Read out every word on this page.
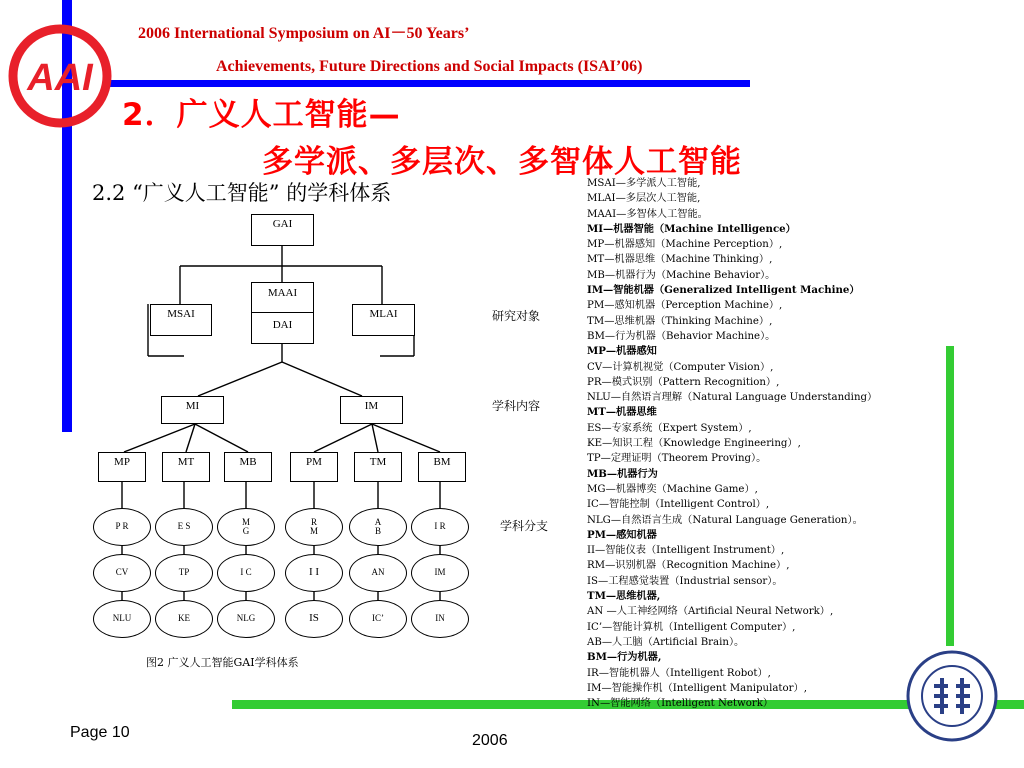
AAI
2006 International Symposium on AI－50 Years’
Achievements, Future Directions and Social Impacts (ISAI’06)
2．广义人工智能—
多学派、多层次、多智体人工智能
2.2 “广义人工智能” 的学科体系
GAI
MSAI
MAAI
DAI
MLAI
MI	IM
MP	MT	MB	PM	TM	BM
P R	E S	M
G
R
M
A
B	I R
CV	TP	I C	I I	AN	IM
NLU	KE	NLG	IS	IC’	IN
研究对象
学科内容
学科分支
图2 广义人工智能GAI学科体系
MSAI—多学派人工智能,
MLAI—多层次人工智能,
MAAI—多智体人工智能。
MI—机器智能（Machine Intelligence）
MP—机器感知（Machine Perception）,
MT—机器思维（Machine Thinking）,
MB—机器行为（Machine Behavior）。
IM—智能机器（Generalized Intelligent Machine）
PM—感知机器（Perception Machine）,
TM—思维机器（Thinking Machine）,
BM—行为机器（Behavior Machine）。
MP—机器感知
CV—计算机视觉（Computer Vision）,
PR—模式识别（Pattern Recognition）,
NLU—自然语言理解（Natural Language Understanding）
MT—机器思维
ES—专家系统（Expert System）,
KE—知识工程（Knowledge Engineering）,
TP—定理证明（Theorem Proving）。
MB—机器行为
MG—机器博奕（Machine Game）,
IC—智能控制（Intelligent Control）,
NLG—自然语言生成（Natural Language Generation）。
PM—感知机器
II—智能仪表（Intelligent Instrument）,
RM—识别机器（Recognition Machine）,
IS—工程感觉装置（Industrial sensor）。
TM—思维机器,
AN —人工神经网络（Artificial Neural Network）,
IC’—智能计算机（Intelligent Computer）,
AB—人工脑（Artificial Brain）。
BM—行为机器,
IR—智能机器人（Intelligent Robot）,
IM—智能操作机（Intelligent Manipulator）,
IN—智能网络（Intelligent Network）
Page 10	2006
